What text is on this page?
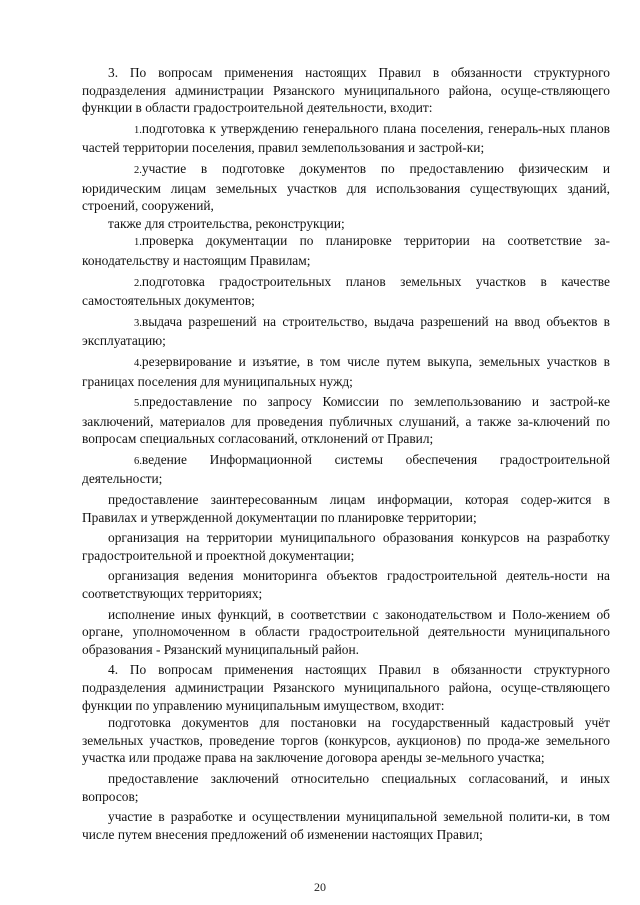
3. По вопросам применения настоящих Правил в обязанности структурного подразделения администрации Рязанского муниципального района, осуще-ствляющего функции в области градостроительной деятельности, входит:

1.подготовка к утверждению генерального плана поселения, генераль-ных планов частей территории поселения, правил землепользования и застрой-ки;

2.участие в подготовке документов по предоставлению физическим и юридическим лицам земельных участков для использования существующих зданий, строений, сооружений,

также для строительства, реконструкции;

1.проверка документации по планировке территории на соответствие за-конодательству и настоящим Правилам;

2.подготовка градостроительных планов земельных участков в качестве самостоятельных документов;

3.выдача разрешений на строительство, выдача разрешений на ввод объектов в эксплуатацию;

4.резервирование и изъятие, в том числе путем выкупа, земельных участков в границах поселения для муниципальных нужд;

5.предоставление по запросу Комиссии по землепользованию и застрой-ке заключений, материалов для проведения публичных слушаний, а также за-ключений по вопросам специальных согласований, отклонений от Правил;

6.ведение Информационной системы обеспечения градостроительной деятельности;

предоставление заинтересованным лицам информации, которая содер-жится в Правилах и утвержденной документации по планировке территории;

организация на территории муниципального образования конкурсов на разработку градостроительной и проектной документации;

организация ведения мониторинга объектов градостроительной деятель-ности на соответствующих территориях;

исполнение иных функций, в соответствии с законодательством и Поло-жением об органе, уполномоченном в области градостроительной деятельности муниципального образования - Рязанский муниципальный район.

4. По вопросам применения настоящих Правил в обязанности структурного подразделения администрации Рязанского муниципального района, осуще-ствляющего функции по управлению муниципальным имуществом, входит:

подготовка документов для постановки на государственный кадастровый учёт земельных участков, проведение торгов (конкурсов, аукционов) по прода-же земельного участка или продаже права на заключение договора аренды зе-мельного участка;

предоставление заключений относительно специальных согласований, и иных вопросов;

участие в разработке и осуществлении муниципальной земельной полити-ки, в том числе путем внесения предложений об изменении настоящих Правил;

20
